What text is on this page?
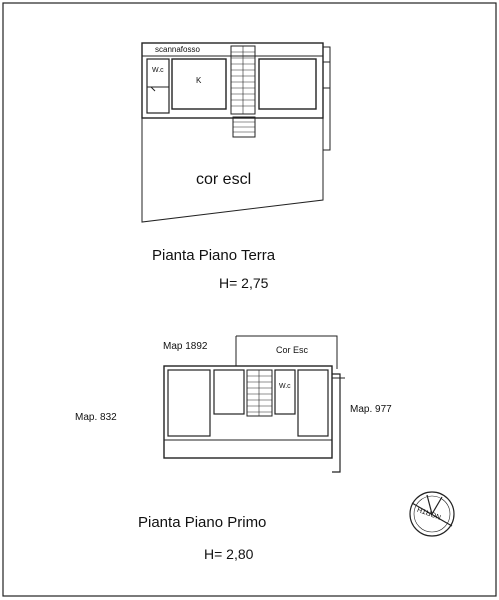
scannafosso
W.c
K
cor escl
Pianta Piano Terra
H= 2,75
Map 1892	Cor Esc
W.c
Map. 832
Map. 977
Pianta Piano Primo
H= 2,80
NORTH
